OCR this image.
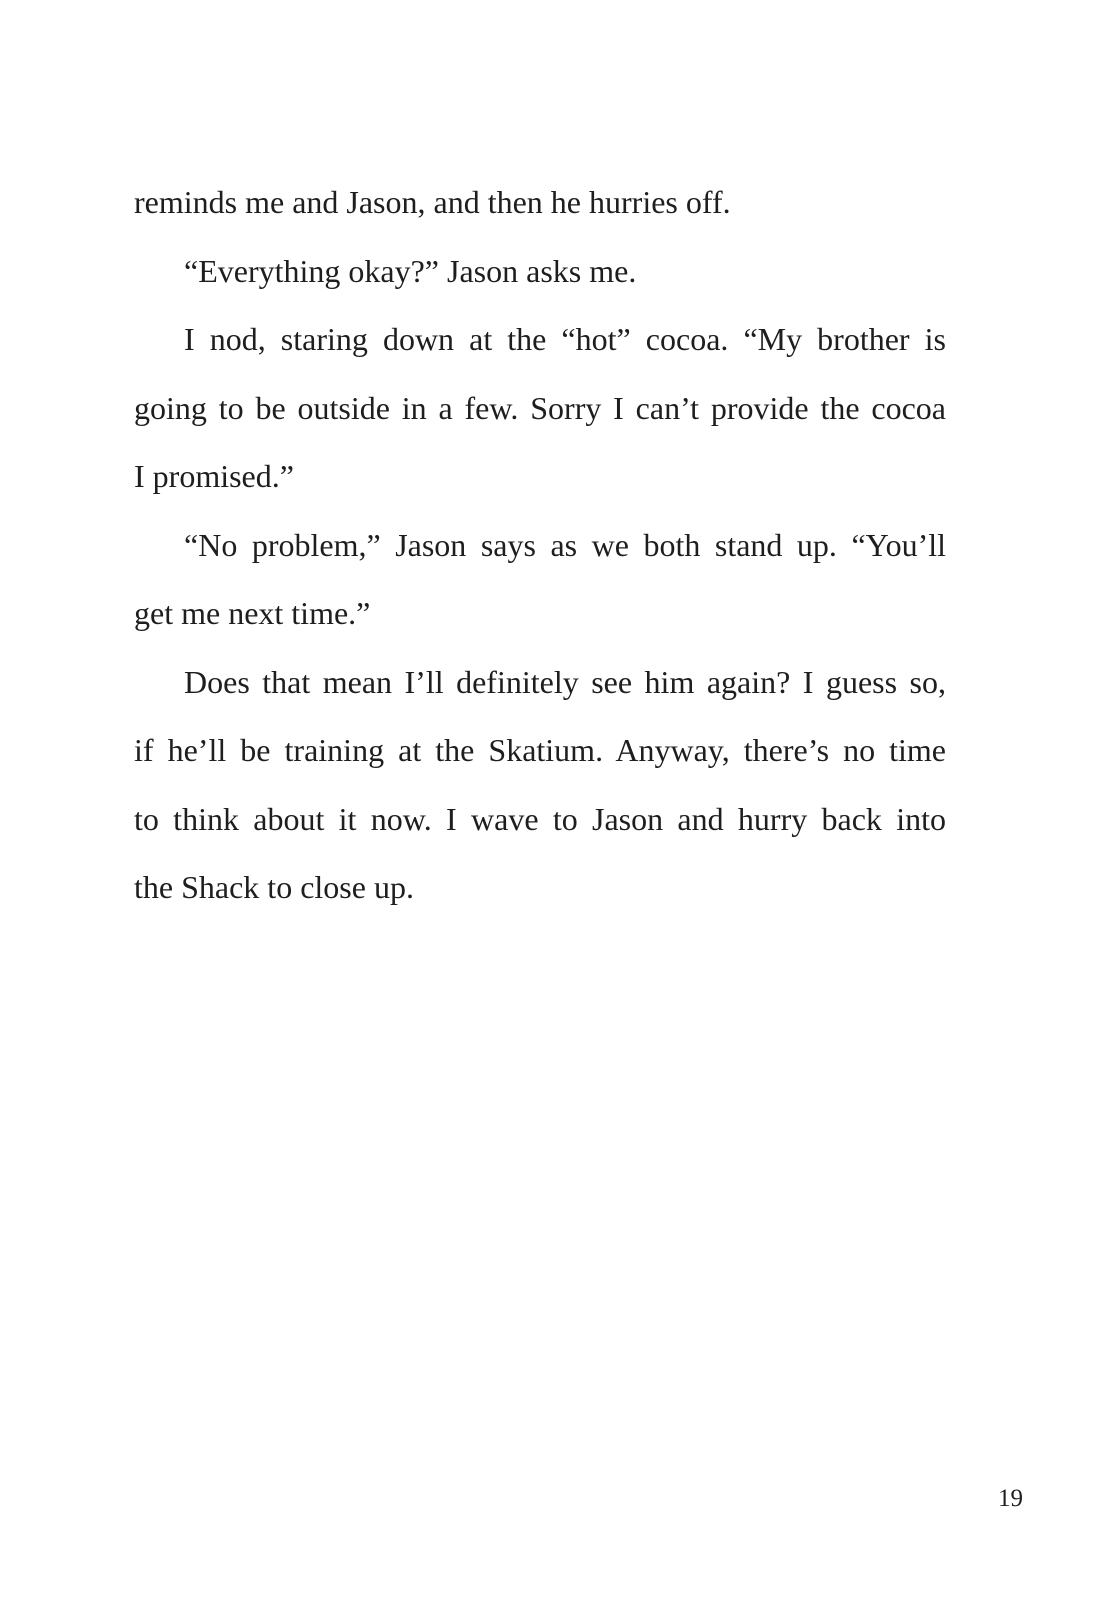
reminds me and Jason, and then he hurries off.
“Everything okay?” Jason asks me.
I nod, staring down at the “hot” cocoa. “My brother is
going to be outside in a few. Sorry I can’t provide the cocoa
I promised.”
“No problem,” Jason says as we both stand up. “You’ll
get me next time.”
Does that mean I’ll definitely see him again? I guess so,
if he’ll be training at the Skatium. Anyway, there’s no time
to think about it now. I wave to Jason and hurry back into
the Shack to close up.
19
